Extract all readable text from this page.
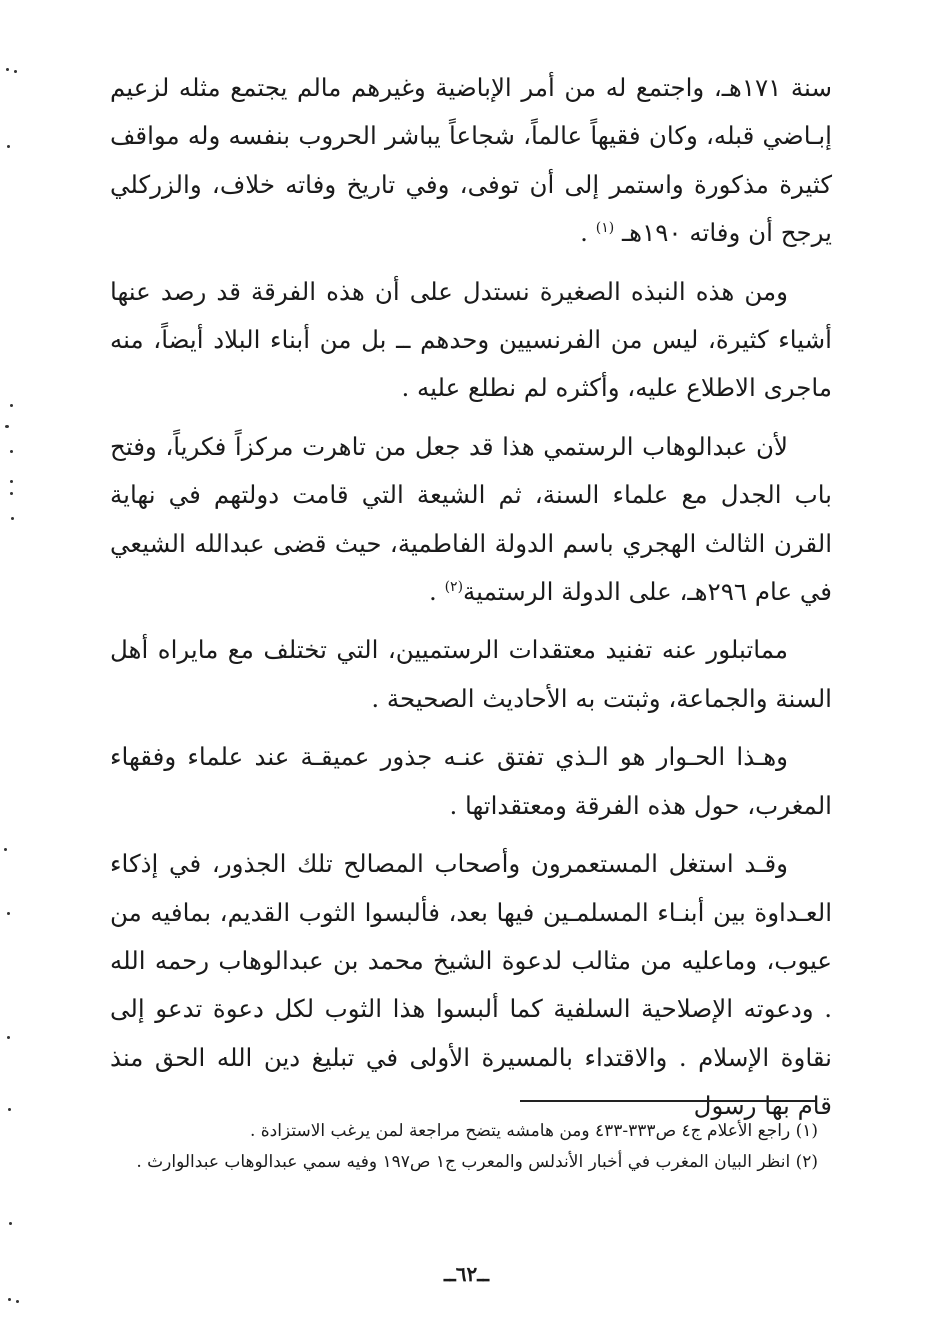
سنة ١٧١هـ، واجتمع له من أمر الإباضية وغيرهم مالم يجتمع مثله لزعيم إبـاضي قبله، وكان فقيهاً عالماً، شجاعاً يباشر الحروب بنفسه وله مواقف كثيرة مذكورة واستمر إلى أن توفى، وفي تاريخ وفاته خلاف، والزركلي يرجح أن وفاته ١٩٠هـ $^{(١)}$ .

ومن هذه النبذه الصغيرة نستدل على أن هذه الفرقة قد رصد عنها أشياء كثيرة، ليس من الفرنسيين وحدهم ــ بل من أبناء البلاد أيضاً، منه ماجرى الاطلاع عليه، وأكثره لم نطلع عليه .

لأن عبدالوهاب الرستمي هذا قد جعل من تاهرت مركزاً فكرياً، وفتح باب الجدل مع علماء السنة، ثم الشيعة التي قامت دولتهم في نهاية القرن الثالث الهجري باسم الدولة الفاطمية، حيث قضى عبدالله الشيعي في عام ٢٩٦هـ، على الدولة الرستمية$^{(٢)}$ .

مماتبلور عنه تفنيد معتقدات الرستميين، التي تختلف مع مايراه أهل السنة والجماعة، وثبتت به الأحاديث الصحيحة .

وهـذا الحـوار هو الـذي تفتق عنـه جذور عميقـة عند علماء وفقهاء المغرب، حول هذه الفرقة ومعتقداتها .

وقـد استغل المستعمرون وأصحاب المصالح تلك الجذور، في إذكاء العـداوة بين أبنـاء المسلمـين فيها بعد، فألبسوا الثوب القديم، بمافيه من عيوب، وماعليه من مثالب لدعوة الشيخ محمد بن عبدالوهاب رحمه الله . ودعوته الإصلاحية السلفية كما ألبسوا هذا الثوب لكل دعوة تدعو إلى نقاوة الإسلام . والاقتداء بالمسيرة الأولى في تبليغ دين الله الحق منذ قام بها رسول

(١) راجع الأعلام ج٤ ص٣٣٣-٤٣٣ ومن هامشه يتضح مراجعة لمن يرغب الاستزادة .

(٢) انظر البيان المغرب في أخبار الأندلس والمعرب ج١ ص١٩٧ وفيه سمي عبدالوهاب عبدالوارث .

ــ٦٢ــ
